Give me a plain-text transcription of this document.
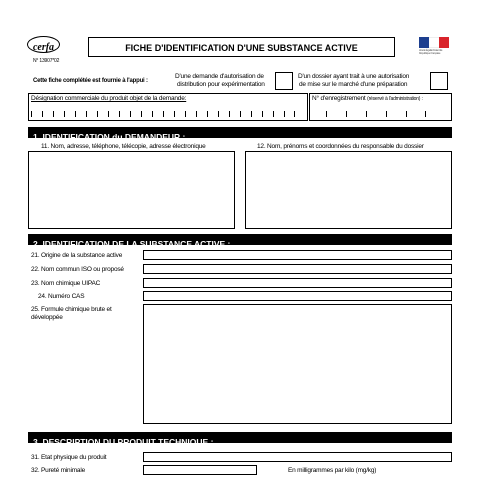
cerfa
N° 13907*02
FICHE D'IDENTIFICATION D'UNE SUBSTANCE ACTIVE	Liberté Égalité Fraternité République Française
Cette fiche complétée est fournie à l'appui :
D'une demande d'autorisation de
distribution pour expérimentation
D'un dossier ayant trait à une autorisation
de mise sur le marché d'une préparation
Désignation commerciale du produit objet de la demande:	N° d'enregistrement (réservé à l'administration) :
1. IDENTIFICATION du DEMANDEUR :
11. Nom, adresse, téléphone, télécopie, adresse électronique	12. Nom, prénoms et coordonnées du responsable du dossier
2. IDENTIFICATION DE LA SUBSTANCE ACTIVE :
21. Origine de la substance active
22. Nom commun ISO ou proposé
23. Nom chimique UIPAC
24. Numéro CAS
25. Formule chimique brute et
développée
3. DESCRIPTION DU PRODUIT TECHNIQUE :
31. Etat physique du produit
32. Pureté minimale	En milligrammes par kilo (mg/kg)
